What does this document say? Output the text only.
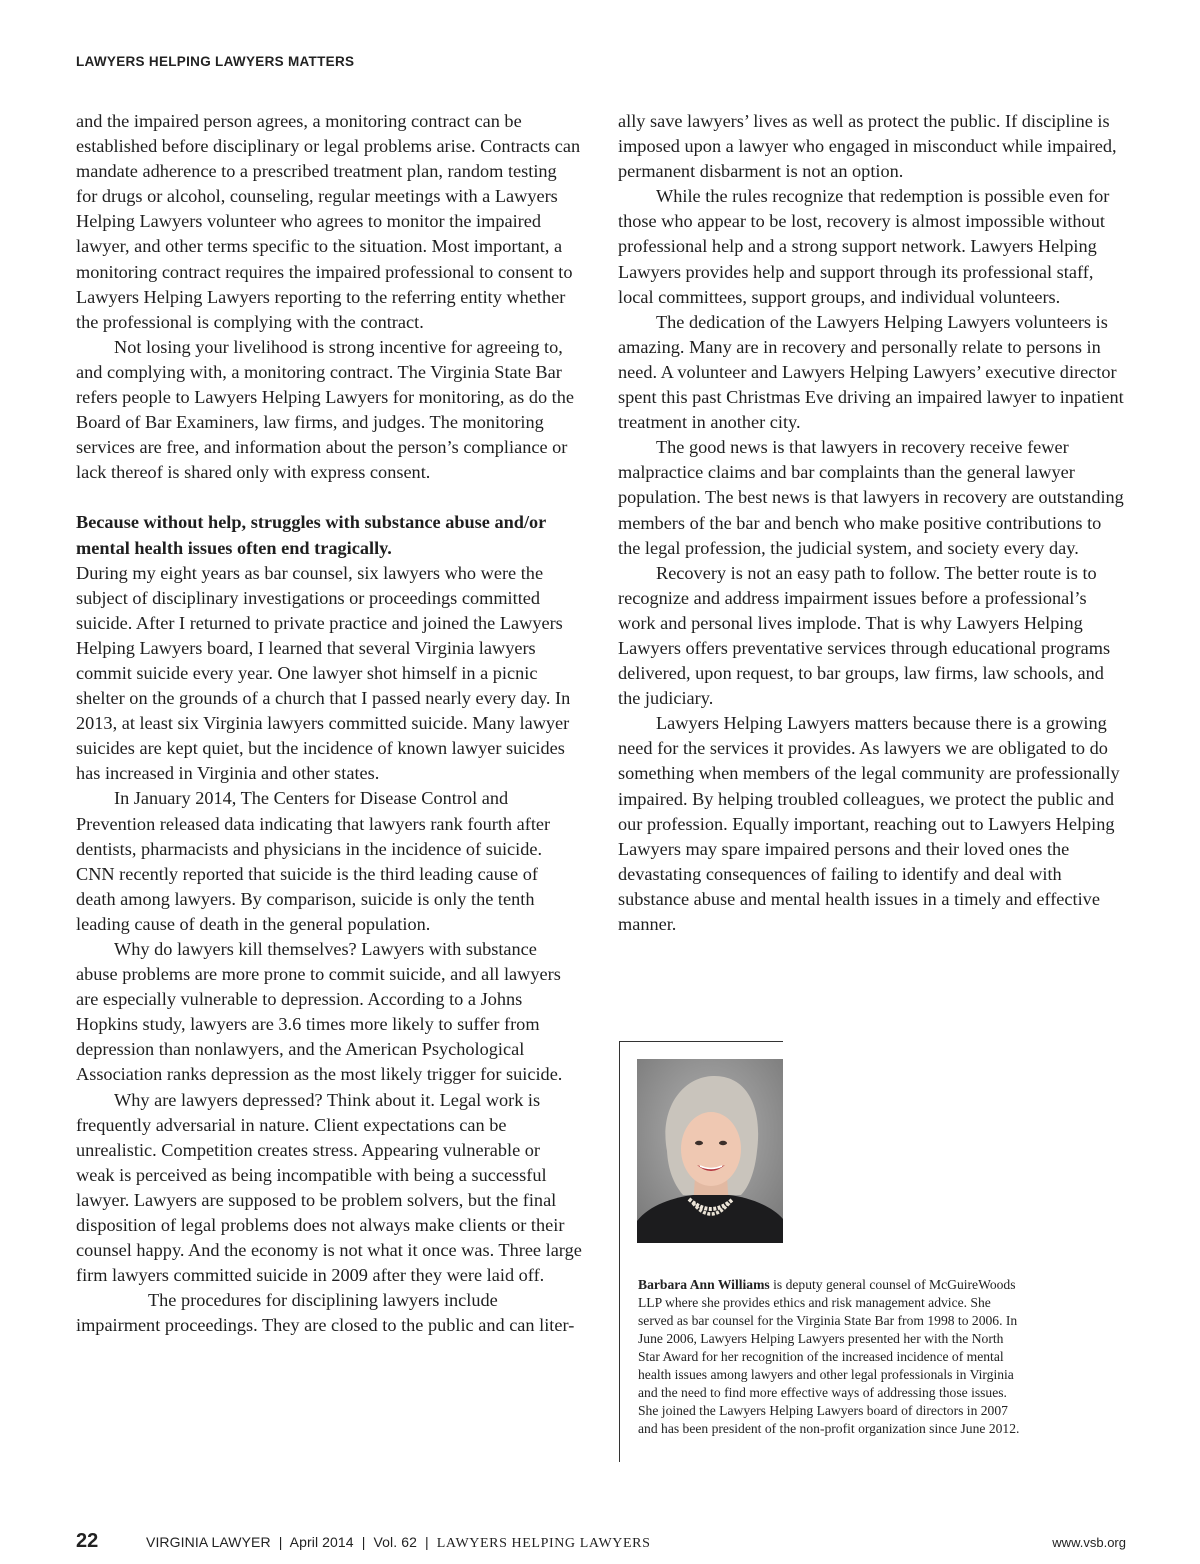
LAWYERS HELPING LAWYERS MATTERS

and the impaired person agrees, a monitoring contract can be established before disciplinary or legal problems arise. Contracts can mandate adherence to a prescribed treatment plan, random testing for drugs or alcohol, counseling, regular meetings with a Lawyers Helping Lawyers volunteer who agrees to monitor the impaired lawyer, and other terms specific to the situation. Most important, a monitoring contract requires the impaired professional to consent to Lawyers Helping Lawyers reporting to the referring entity whether the professional is complying with the contract.

Not losing your livelihood is strong incentive for agreeing to, and complying with, a monitoring contract. The Virginia State Bar refers people to Lawyers Helping Lawyers for monitoring, as do the Board of Bar Examiners, law firms, and judges. The monitoring services are free, and information about the person’s compliance or lack thereof is shared only with express consent.

Because without help, struggles with substance abuse and/or mental health issues often end tragically.

During my eight years as bar counsel, six lawyers who were the subject of disciplinary investigations or proceedings committed suicide. After I returned to private practice and joined the Lawyers Helping Lawyers board, I learned that several Virginia lawyers commit suicide every year. One lawyer shot himself in a picnic shelter on the grounds of a church that I passed nearly every day. In 2013, at least six Virginia lawyers committed suicide. Many lawyer suicides are kept quiet, but the incidence of known lawyer suicides has increased in Virginia and other states.

In January 2014, The Centers for Disease Control and Prevention released data indicating that lawyers rank fourth after dentists, pharmacists and physicians in the incidence of suicide. CNN recently reported that suicide is the third leading cause of death among lawyers. By comparison, suicide is only the tenth leading cause of death in the general population.

Why do lawyers kill themselves? Lawyers with substance abuse problems are more prone to commit suicide, and all lawyers are especially vulnerable to depression. According to a Johns Hopkins study, lawyers are 3.6 times more likely to suffer from depression than nonlawyers, and the American Psychological Association ranks depression as the most likely trigger for suicide.

Why are lawyers depressed? Think about it. Legal work is frequently adversarial in nature. Client expectations can be unrealistic. Competition creates stress. Appearing vulnerable or weak is perceived as being incompatible with being a successful lawyer. Lawyers are supposed to be problem solvers, but the final disposition of legal problems does not always make clients or their counsel happy. And the economy is not what it once was. Three large firm lawyers committed suicide in 2009 after they were laid off.

The procedures for disciplining lawyers include impairment proceedings. They are closed to the public and can liter-

ally save lawyers’ lives as well as protect the public. If discipline is imposed upon a lawyer who engaged in misconduct while impaired, permanent disbarment is not an option.

While the rules recognize that redemption is possible even for those who appear to be lost, recovery is almost impossible without professional help and a strong support network. Lawyers Helping Lawyers provides help and support through its professional staff, local committees, support groups, and individual volunteers.

The dedication of the Lawyers Helping Lawyers volunteers is amazing. Many are in recovery and personally relate to persons in need. A volunteer and Lawyers Helping Lawyers’ executive director spent this past Christmas Eve driving an impaired lawyer to inpatient treatment in another city.

The good news is that lawyers in recovery receive fewer malpractice claims and bar complaints than the general lawyer population. The best news is that lawyers in recovery are outstanding members of the bar and bench who make positive contributions to the legal profession, the judicial system, and society every day.

Recovery is not an easy path to follow. The better route is to recognize and address impairment issues before a professional’s work and personal lives implode. That is why Lawyers Helping Lawyers offers preventative services through educational programs delivered, upon request, to bar groups, law firms, law schools, and the judiciary.

Lawyers Helping Lawyers matters because there is a growing need for the services it provides. As lawyers we are obligated to do something when members of the legal community are professionally impaired. By helping troubled colleagues, we protect the public and our profession. Equally important, reaching out to Lawyers Helping Lawyers may spare impaired persons and their loved ones the devastating consequences of failing to identify and deal with substance abuse and mental health issues in a timely and effective manner.

Barbara Ann Williams is deputy general counsel of McGuireWoods LLP where she provides ethics and risk management advice. She served as bar counsel for the Virginia State Bar from 1998 to 2006. In June 2006, Lawyers Helping Lawyers presented her with the North Star Award for her recognition of the increased incidence of mental health issues among lawyers and other legal professionals in Virginia and the need to find more effective ways of addressing those issues. She joined the Lawyers Helping Lawyers board of directors in 2007 and has been president of the non-profit organization since June 2012.

22	VIRGINIA LAWYER | April 2014 | Vol. 62 | LAWYERS HELPING LAWYERS	www.vsb.org
